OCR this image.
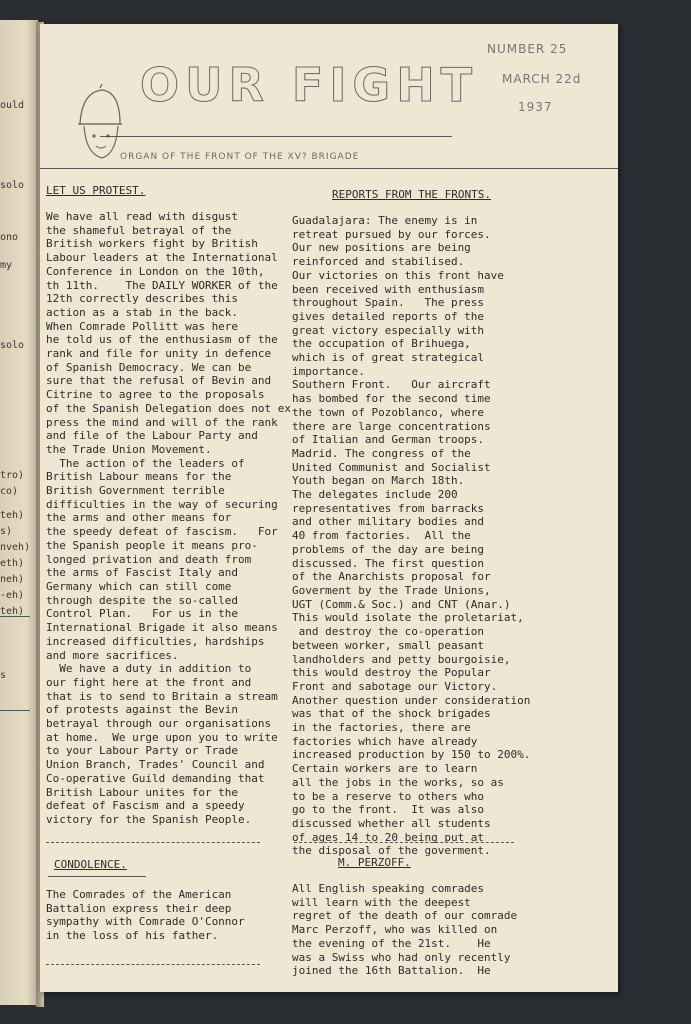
ould
solo
ono
my
solo
tro)
co)
teh)
s)
nveh)
eth)
neh)
-eh)
teh)
s
NUMBER 25
MARCH 22d
1937
OUR FIGHT
ORGAN OF THE FRONT OF THE XV? BRIGADE
LET US PROTEST.
We have all read with disgust
the shameful betrayal of the
British workers fight by British
Labour leaders at the International
Conference in London on the 10th,
th 11th.    The DAILY WORKER of the
12th correctly describes this
action as a stab in the back.
When Comrade Pollitt was here
he told us of the enthusiasm of the
rank and file for unity in defence
of Spanish Democracy. We can be
sure that the refusal of Bevin and
Citrine to agree to the proposals
of the Spanish Delegation does not ex
press the mind and will of the rank
and file of the Labour Party and
the Trade Union Movement.
The action of the leaders of
British Labour means for the
British Government terrible
difficulties in the way of securing
the arms and other means for
the speedy defeat of fascism.   For
the Spanish people it means pro-
longed privation and death from
the arms of Fascist Italy and
Germany which can still come
through despite the so-called
Control Plan.   For us in the
International Brigade it also means
increased difficulties, hardships
and more sacrifices.
We have a duty in addition to
our fight here at the front and
that is to send to Britain a stream
of protests against the Bevin
betrayal through our organisations
at home.  We urge upon you to write
to your Labour Party or Trade
Union Branch, Trades' Council and
Co-operative Guild demanding that
British Labour unites for the
defeat of Fascism and a speedy
victory for the Spanish People.
CONDOLENCE.
The Comrades of the American
Battalion express their deep
sympathy with Comrade O'Connor
in the loss of his father.
REPORTS FROM THE FRONTS.
Guadalajara: The enemy is in
retreat pursued by our forces.
Our new positions are being
reinforced and stabilised.
Our victories on this front have
been received with enthusiasm
throughout Spain.   The press
gives detailed reports of the
great victory especially with
the occupation of Brihuega,
which is of great strategical
importance.
Southern Front.   Our aircraft
has bombed for the second time
the town of Pozoblanco, where
there are large concentrations
of Italian and German troops.
Madrid. The congress of the
United Communist and Socialist
Youth began on March 18th.
The delegates include 200
representatives from barracks
and other military bodies and
40 from factories.  All the
problems of the day are being
discussed. The first question
of the Anarchists proposal for
Goverment by the Trade Unions,
UGT (Comm.& Soc.) and CNT (Anar.)
This would isolate the proletariat,
and destroy the co-operation
between worker, small peasant
landholders and petty bourgoisie,
this would destroy the Popular
Front and sabotage our Victory.
Another question under consideration
was that of the shock brigades
in the factories, there are
factories which have already
increased production by 150 to 200%.
Certain workers are to learn
all the jobs in the works, so as
to be a reserve to others who
go to the front.  It was also
discussed whether all students
of ages 14 to 20 being put at
the disposal of the goverment.
M. PERZOFF.
All English speaking comrades
will learn with the deepest
regret of the death of our comrade
Marc Perzoff, who was killed on
the evening of the 21st.    He
was a Swiss who had only recently
joined the 16th Battalion.  He
